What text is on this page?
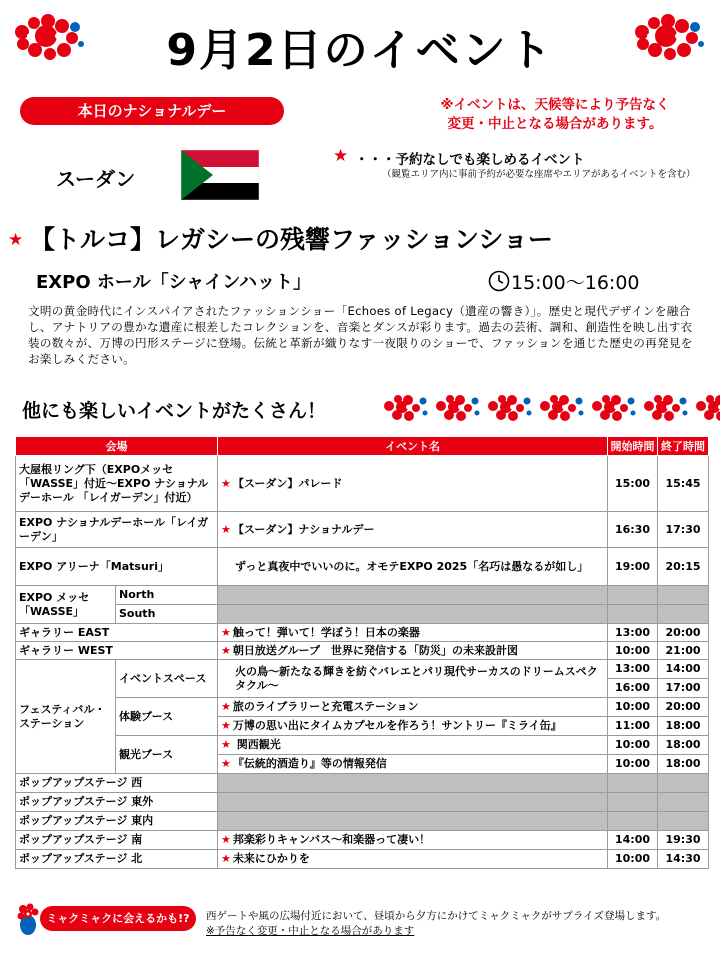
9月2日のイベント
本日のナショナルデー	※イベントは、天候等により予告なく
変更・中止となる場合があります。
スーダン
★ ・・・予約なしでも楽しめるイベント
（観覧エリア内に事前予約が必要な座席やエリアがあるイベントを含む）
★ 【トルコ】レガシーの残響ファッションショー
EXPO ホール「シャインハット」	15:00〜16:00

文明の黄金時代にインスパイアされたファッションショー「Echoes of Legacy（遺産の響き）」。歴史と現代デザインを融合し、アナトリアの豊かな遺産に根差したコレクションを、音楽とダンスが彩ります。過去の芸術、調和、創造性を映し出す衣装の数々が、万博の円形ステージに登場。伝統と革新が織りなす一夜限りのショーで、ファッションを通じた歴史の再発見をお楽しみください。

他にも楽しいイベントがたくさん！
会場		イベント名	開始時間	終了時間
大屋根リング下（EXPOメッセ「WASSE」付近〜EXPO ナショナルデーホール 「レイガーデン」付近）		★ 【スーダン】パレード	15:00	15:45
EXPO ナショナルデーホール「レイガーデン」		★ 【スーダン】ナショナルデー	16:30	17:30
EXPO アリーナ「Matsuri」		ずっと真夜中でいいのに。オモテEXPO 2025「名巧は愚なるが如し」	19:00	20:15
EXPO メッセ「WASSE」	North			
	South			
ギャラリー EAST		★ 触って！弾いて！学ぼう！日本の楽器	13:00	20:00
ギャラリー WEST		★ 朝日放送グループ　世界に発信する「防災」の未来設計図	10:00	21:00
フェスティバル・ステーション	イベントスペース	火の鳥〜新たなる輝きを紡ぐバレエとパリ現代サーカスのドリームスペクタクル〜	13:00	14:00
			16:00	17:00
	体験ブース	★ 旅のライブラリーと充電ステーション	10:00	20:00
		★ 万博の思い出にタイムカプセルを作ろう！サントリー『ミライ缶』	11:00	18:00
	観光ブース	★ 関西観光	10:00	18:00
		★ 『伝統的酒造り』等の情報発信	10:00	18:00
ポップアップステージ 西				
ポップアップステージ 東外				
ポップアップステージ 東内				
ポップアップステージ 南		★ 邦楽彩りキャンバス〜和楽器って凄い！	14:00	19:30
ポップアップステージ 北		★ 未来にひかりを	10:00	14:30
ミャクミャクに会えるかも!?	西ゲートや風の広場付近において、昼頃から夕方にかけてミャクミャクがサプライズ登場します。
※予告なく変更・中止となる場合があります
